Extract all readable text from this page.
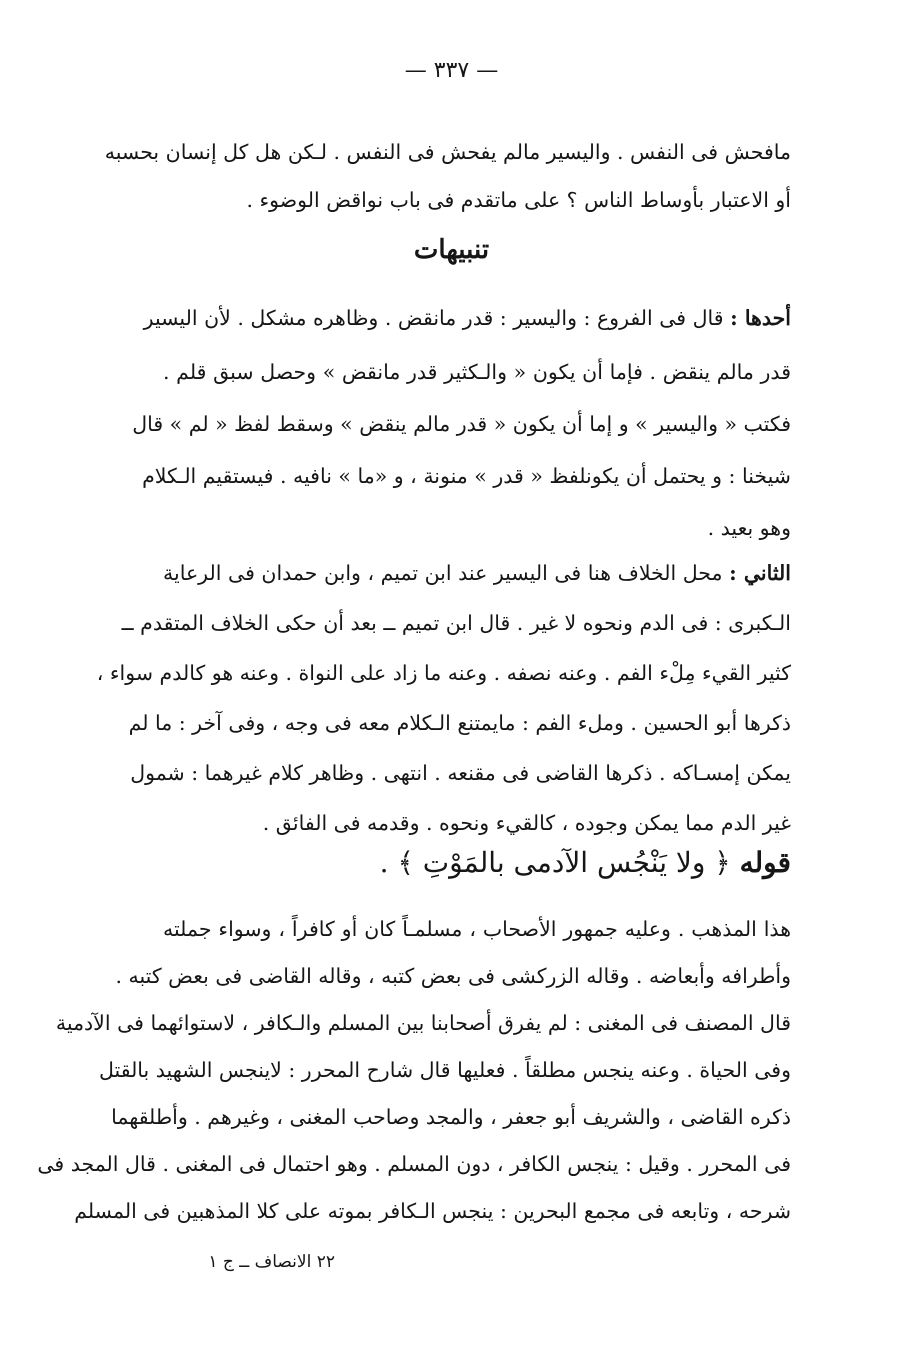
— ٣٣٧ —
مافحش فى النفس . واليسير مالم يفحش فى النفس . لـكن هل كل إنسان بحسبه
أو الاعتبار بأوساط الناس ؟ على ماتقدم فى باب نواقض الوضوء .
تنبيهات
أحدها : قال فى الفروع : واليسير : قدر مانقض . وظاهره مشكل . لأن اليسير
قدر مالم ينقض . فإما أن يكون « والـكثير قدر مانقض » وحصل سبق قلم .
فكتب « واليسير » و إما أن يكون « قدر مالم ينقض » وسقط لفظ « لم » قال
شيخنا : و يحتمل أن يكونلفظ « قدر » منونة ، و «ما » نافيه . فيستقيم الـكلام
وهو بعيد .
الثاني : محل الخلاف هنا فى اليسير عند ابن تميم ، وابن حمدان فى الرعاية
الـكبرى : فى الدم ونحوه لا غير . قال ابن تميم ــ بعد أن حكى الخلاف المتقدم ــ
كثير القيء مِلْء الفم . وعنه نصفه . وعنه ما زاد على النواة . وعنه هو كالدم سواء ،
ذكرها أبو الحسين . وملء الفم : مايمتنع الـكلام معه فى وجه ، وفى آخر : ما لم
يمكن إمسـاكه . ذكرها القاضى فى مقنعه . انتهى . وظاهر كلام غيرهما : شمول
غير الدم مما يمكن وجوده ، كالقيء ونحوه . وقدمه فى الفائق .
قوله ﴿ ولا يَنْجُس الآدمى بالمَوْتِ ﴾ .
هذا المذهب . وعليه جمهور الأصحاب ، مسلمـاً كان أو كافراً ، وسواء جملته
وأطرافه وأبعاضه . وقاله الزركشى فى بعض كتبه ، وقاله القاضى فى بعض كتبه .
قال المصنف فى المغنى : لم يفرق أصحابنا بين المسلم والـكافر ، لاستوائهما فى الآدمية
وفى الحياة . وعنه ينجس مطلقاً . فعليها قال شارح المحرر : لاينجس الشهيد بالقتل
ذكره القاضى ، والشريف أبو جعفر ، والمجد وصاحب المغنى ، وغيرهم . وأطلقهما
فى المحرر . وقيل : ينجس الكافر ، دون المسلم . وهو احتمال فى المغنى . قال المجد فى
شرحه ، وتابعه فى مجمع البحرين : ينجس الـكافر بموته على كلا المذهبين فى المسلم
٢٢ الانصاف ــ ج ١
